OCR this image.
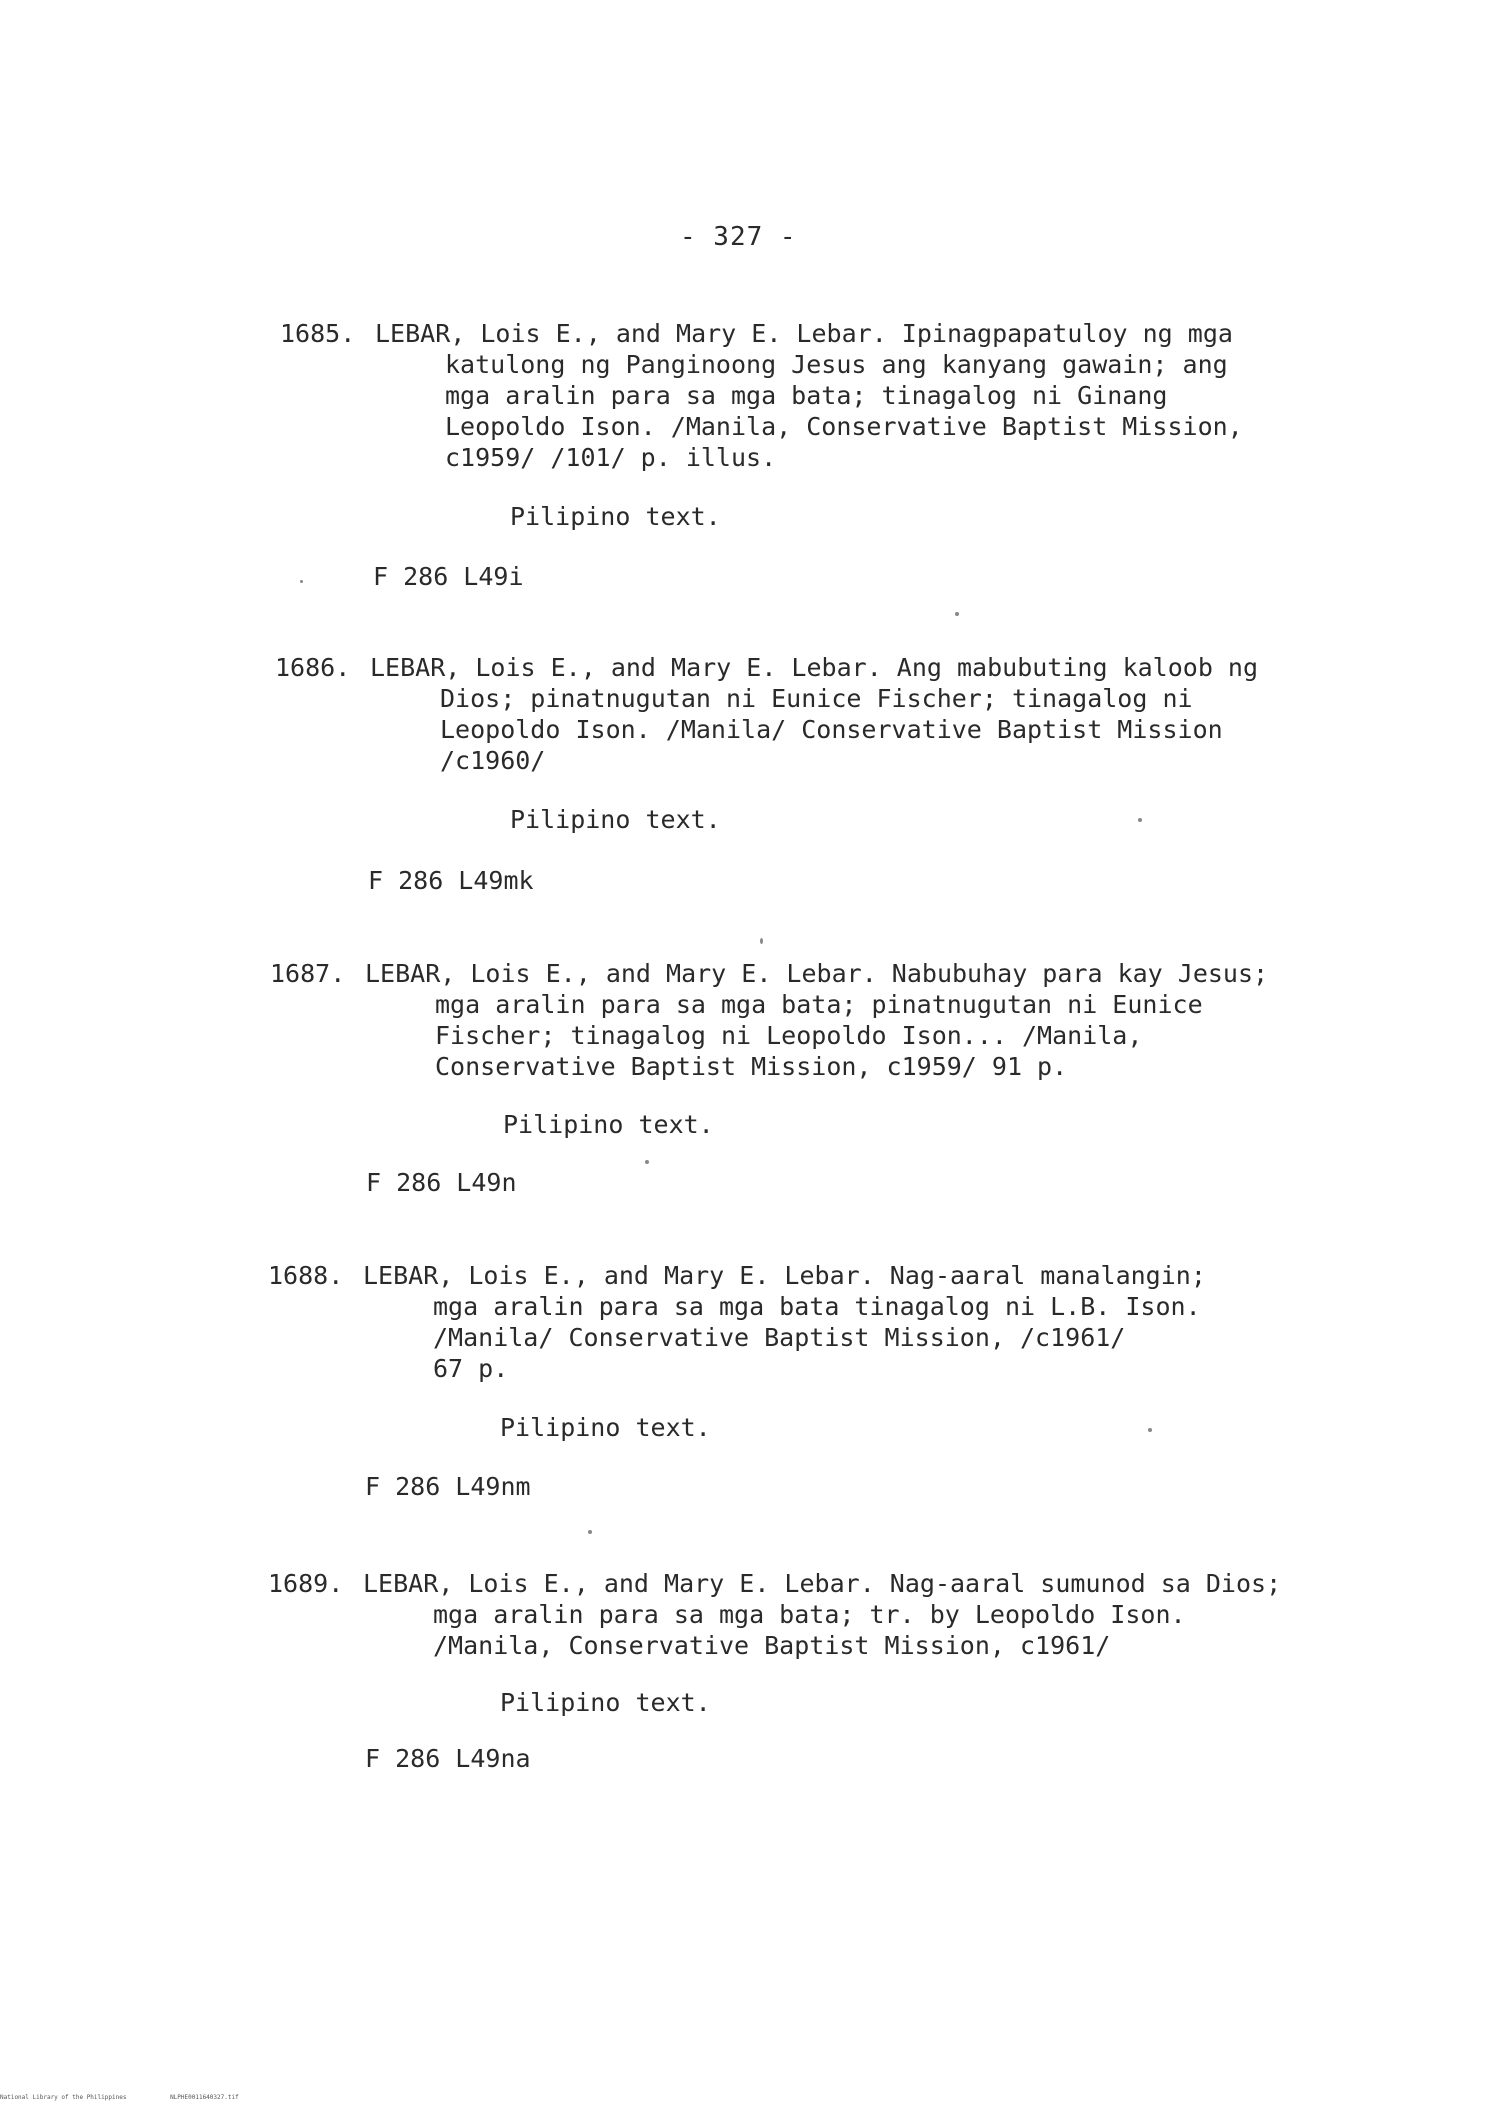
- 327 -
1685. LEBAR, Lois E., and Mary E. Lebar. Ipinagpapatuloy ng mga
katulong ng Panginoong Jesus ang kanyang gawain; ang
mga aralin para sa mga bata; tinagalog ni Ginang
Leopoldo Ison. /Manila, Conservative Baptist Mission,
c1959/ /101/ p. illus.
Pilipino text.
F 286 L49i
1686. LEBAR, Lois E., and Mary E. Lebar. Ang mabubuting kaloob ng
Dios; pinatnugutan ni Eunice Fischer; tinagalog ni
Leopoldo Ison. /Manila/ Conservative Baptist Mission
/c1960/
Pilipino text.
F 286 L49mk
1687. LEBAR, Lois E., and Mary E. Lebar. Nabubuhay para kay Jesus;
mga aralin para sa mga bata; pinatnugutan ni Eunice
Fischer; tinagalog ni Leopoldo Ison... /Manila,
Conservative Baptist Mission, c1959/ 91 p.
Pilipino text.
F 286 L49n
1688. LEBAR, Lois E., and Mary E. Lebar. Nag-aaral manalangin;
mga aralin para sa mga bata tinagalog ni L.B. Ison.
/Manila/ Conservative Baptist Mission, /c1961/
67 p.
Pilipino text.
F 286 L49nm
1689. LEBAR, Lois E., and Mary E. Lebar. Nag-aaral sumunod sa Dios;
mga aralin para sa mga bata; tr. by Leopoldo Ison.
/Manila, Conservative Baptist Mission, c1961/
Pilipino text.
F 286 L49na
National Library of the Philippines	NLPHE0011640327.tif
